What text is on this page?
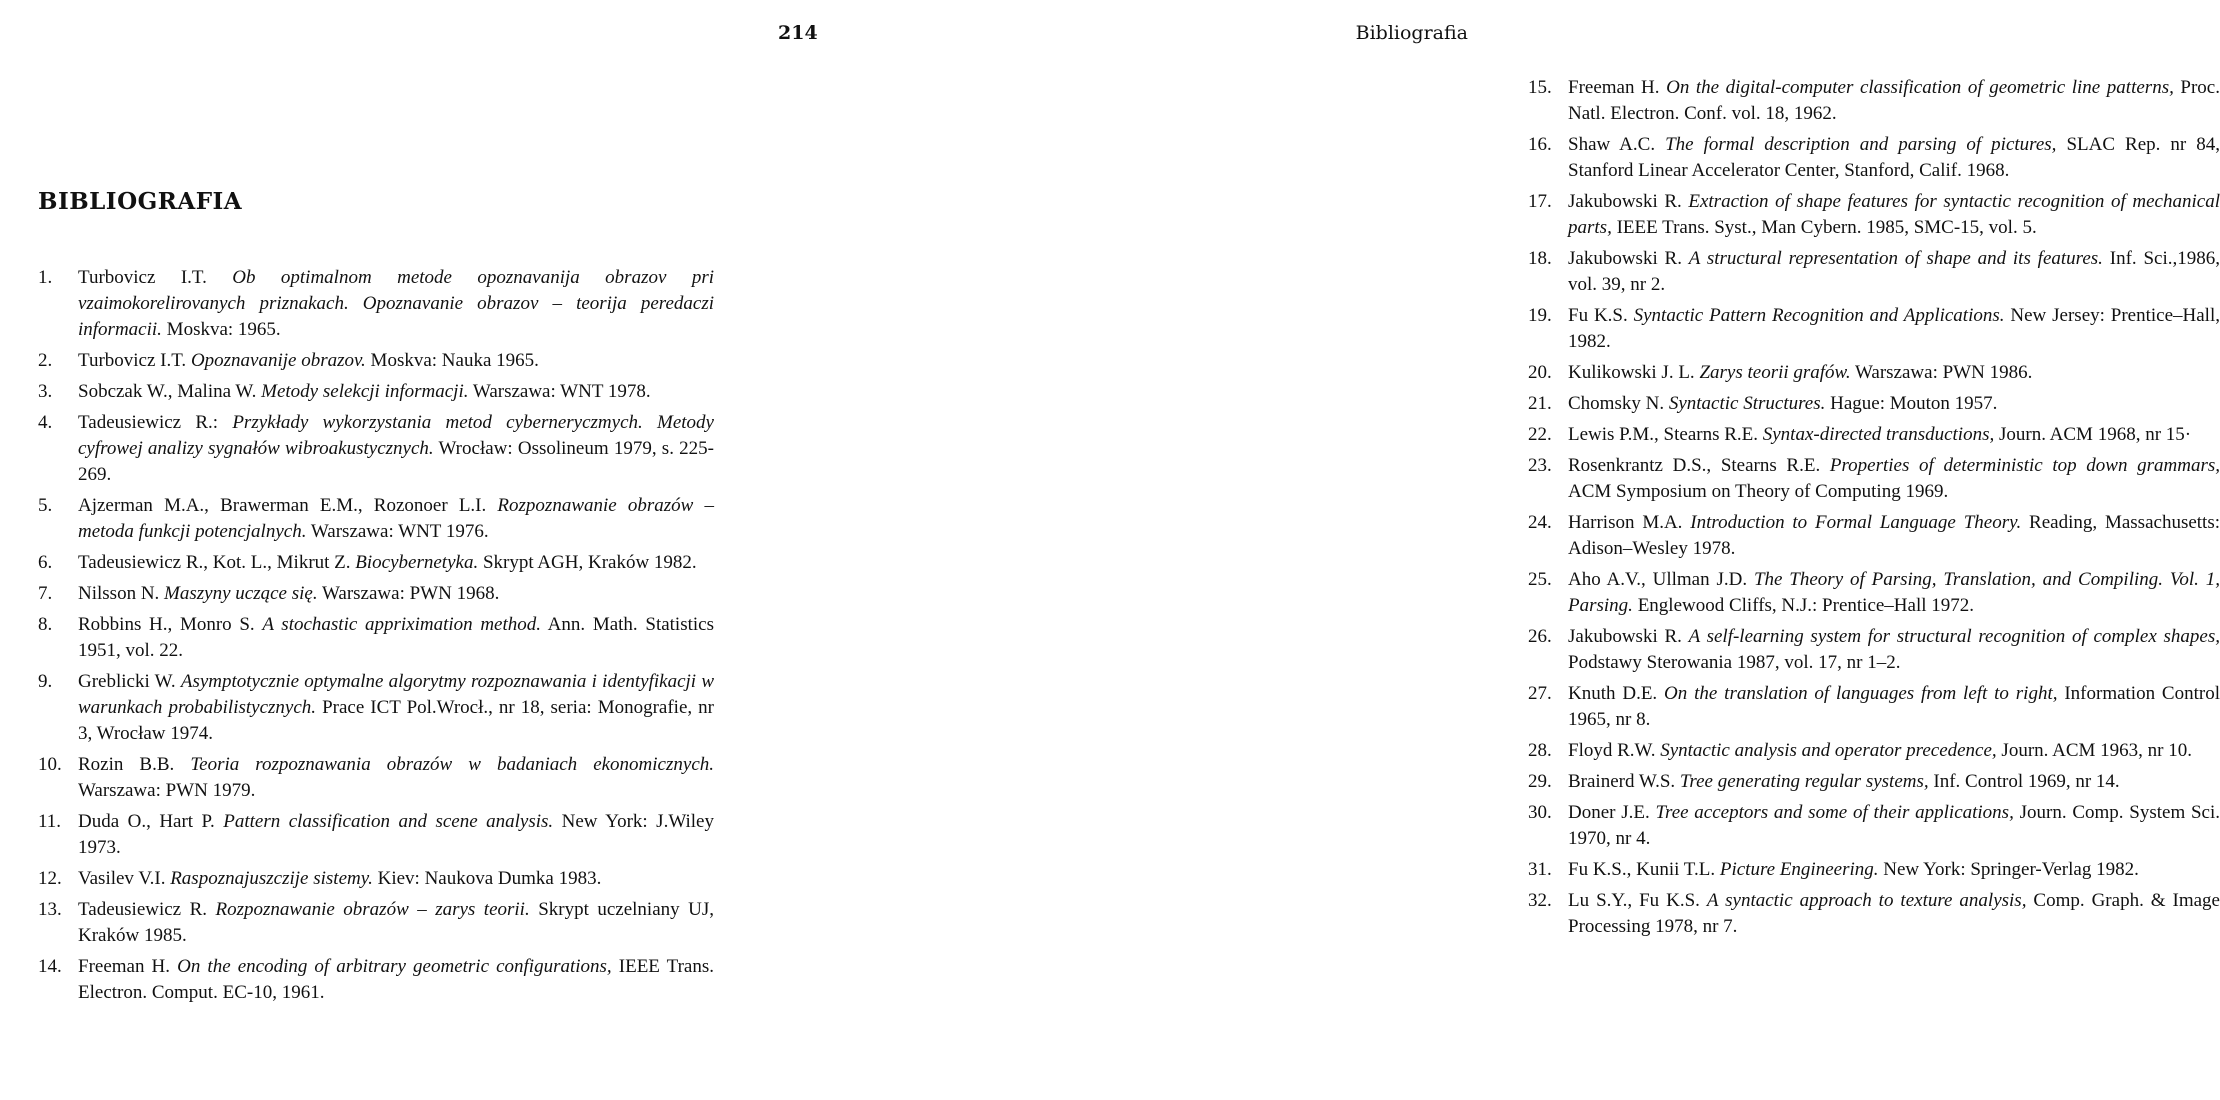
BIBLIOGRAFIA
1. Turbovicz I.T. Ob optimalnom metode opoznavanija obrazov pri vzaimokorelirovanych priznakach. Opoznavanie obrazov – teorija peredaczi informacii. Moskva: 1965.
2. Turbovicz I.T. Opoznavanije obrazov. Moskva: Nauka 1965.
3. Sobczak W., Malina W. Metody selekcji informacji. Warszawa: WNT 1978.
4. Tadeusiewicz R.: Przykłady wykorzystania metod cyberneryczmych. Metody cyfrowej analizy sygnałów wibroakustycznych. Wrocław: Ossolineum 1979, s. 225-269.
5. Ajzerman M.A., Brawerman E.M., Rozonoer L.I. Rozpoznawanie obrazów – metoda funkcji potencjalnych. Warszawa: WNT 1976.
6. Tadeusiewicz R., Kot. L., Mikrut Z. Biocybernetyka. Skrypt AGH, Kraków 1982.
7. Nilsson N. Maszyny uczące się. Warszawa: PWN 1968.
8. Robbins H., Monro S. A stochastic appriximation method. Ann. Math. Statistics 1951, vol. 22.
9. Greblicki W. Asymptotycznie optymalne algorytmy rozpoznawania i identyfikacji w warunkach probabilistycznych. Prace ICT Pol.Wrocł., nr 18, seria: Monografie, nr 3, Wrocław 1974.
10. Rozin B.B. Teoria rozpoznawania obrazów w badaniach ekonomicznych. Warszawa: PWN 1979.
11. Duda O., Hart P. Pattern classification and scene analysis. New York: J.Wiley 1973.
12. Vasilev V.I. Raspoznajuszczije sistemy. Kiev: Naukova Dumka 1983.
13. Tadeusiewicz R. Rozpoznawanie obrazów – zarys teorii. Skrypt uczelniany UJ, Kraków 1985.
14. Freeman H. On the encoding of arbitrary geometric configurations, IEEE Trans. Electron. Comput. EC-10, 1961.
214	Bibliografia
15. Freeman H. On the digital-computer classification of geometric line patterns, Proc. Natl. Electron. Conf. vol. 18, 1962.
16. Shaw A.C. The formal description and parsing of pictures, SLAC Rep. nr 84, Stanford Linear Accelerator Center, Stanford, Calif. 1968.
17. Jakubowski R. Extraction of shape features for syntactic recognition of mechanical parts, IEEE Trans. Syst., Man Cybern. 1985, SMC-15, vol. 5.
18. Jakubowski R. A structural representation of shape and its features. Inf. Sci.,1986, vol. 39, nr 2.
19. Fu K.S. Syntactic Pattern Recognition and Applications. New Jersey: Prentice–Hall, 1982.
20. Kulikowski J. L. Zarys teorii grafów. Warszawa: PWN 1986.
21. Chomsky N. Syntactic Structures. Hague: Mouton 1957.
22. Lewis P.M., Stearns R.E. Syntax-directed transductions, Journ. ACM 1968, nr 15·
23. Rosenkrantz D.S., Stearns R.E. Properties of deterministic top down grammars, ACM Symposium on Theory of Computing 1969.
24. Harrison M.A. Introduction to Formal Language Theory. Reading, Massachusetts: Adison–Wesley 1978.
25. Aho A.V., Ullman J.D. The Theory of Parsing, Translation, and Compiling. Vol. 1, Parsing. Englewood Cliffs, N.J.: Prentice–Hall 1972.
26. Jakubowski R. A self-learning system for structural recognition of complex shapes, Podstawy Sterowania 1987, vol. 17, nr 1–2.
27. Knuth D.E. On the translation of languages from left to right, Information Control 1965, nr 8.
28. Floyd R.W. Syntactic analysis and operator precedence, Journ. ACM 1963, nr 10.
29. Brainerd W.S. Tree generating regular systems, Inf. Control 1969, nr 14.
30. Doner J.E. Tree acceptors and some of their applications, Journ. Comp. System Sci. 1970, nr 4.
31. Fu K.S., Kunii T.L. Picture Engineering. New York: Springer-Verlag 1982.
32. Lu S.Y., Fu K.S. A syntactic approach to texture analysis, Comp. Graph. & Image Processing 1978, nr 7.
